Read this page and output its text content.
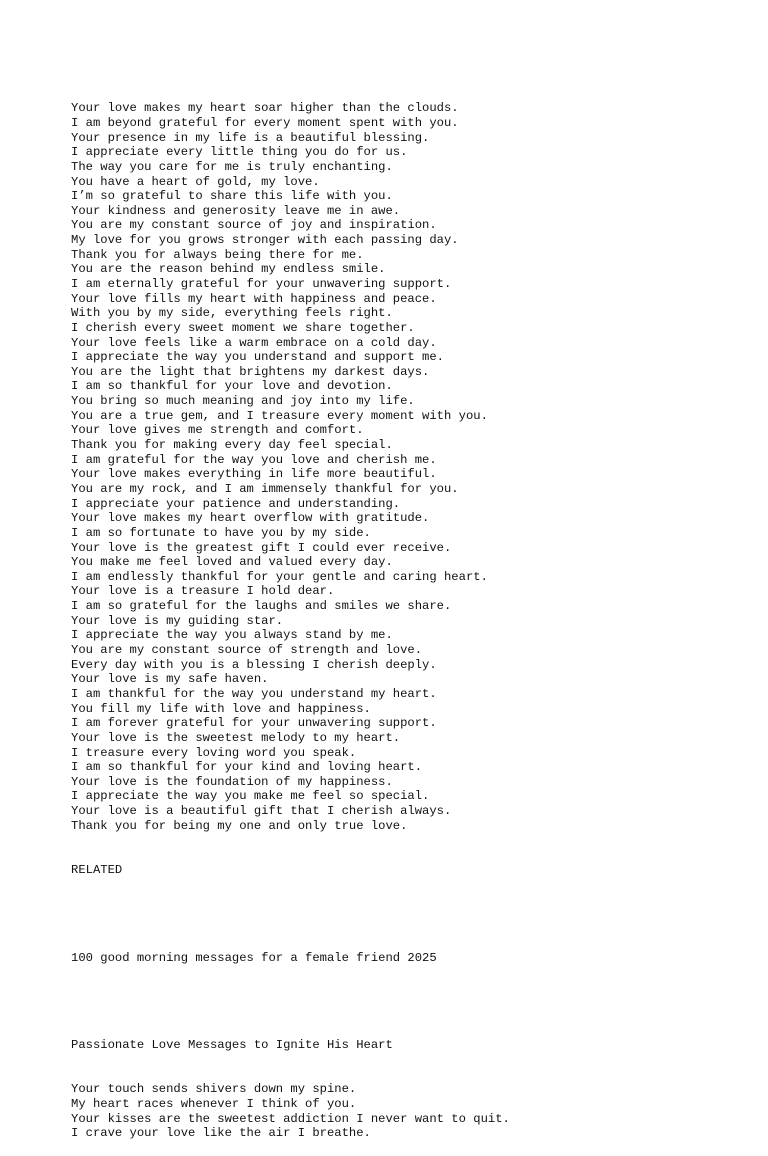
Your love makes my heart soar higher than the clouds.
I am beyond grateful for every moment spent with you.
Your presence in my life is a beautiful blessing.
I appreciate every little thing you do for us.
The way you care for me is truly enchanting.
You have a heart of gold, my love.
I’m so grateful to share this life with you.
Your kindness and generosity leave me in awe.
You are my constant source of joy and inspiration.
My love for you grows stronger with each passing day.
Thank you for always being there for me.
You are the reason behind my endless smile.
I am eternally grateful for your unwavering support.
Your love fills my heart with happiness and peace.
With you by my side, everything feels right.
I cherish every sweet moment we share together.
Your love feels like a warm embrace on a cold day.
I appreciate the way you understand and support me.
You are the light that brightens my darkest days.
I am so thankful for your love and devotion.
You bring so much meaning and joy into my life.
You are a true gem, and I treasure every moment with you.
Your love gives me strength and comfort.
Thank you for making every day feel special.
I am grateful for the way you love and cherish me.
Your love makes everything in life more beautiful.
You are my rock, and I am immensely thankful for you.
I appreciate your patience and understanding.
Your love makes my heart overflow with gratitude.
I am so fortunate to have you by my side.
Your love is the greatest gift I could ever receive.
You make me feel loved and valued every day.
I am endlessly thankful for your gentle and caring heart.
Your love is a treasure I hold dear.
I am so grateful for the laughs and smiles we share.
Your love is my guiding star.
I appreciate the way you always stand by me.
You are my constant source of strength and love.
Every day with you is a blessing I cherish deeply.
Your love is my safe haven.
I am thankful for the way you understand my heart.
You fill my life with love and happiness.
I am forever grateful for your unwavering support.
Your love is the sweetest melody to my heart.
I treasure every loving word you speak.
I am so thankful for your kind and loving heart.
Your love is the foundation of my happiness.
I appreciate the way you make me feel so special.
Your love is a beautiful gift that I cherish always.
Thank you for being my one and only true love.

RELATED

100 good morning messages for a female friend 2025

Passionate Love Messages to Ignite His Heart

Your touch sends shivers down my spine.
My heart races whenever I think of you.
Your kisses are the sweetest addiction I never want to quit.
I crave your love like the air I breathe.
